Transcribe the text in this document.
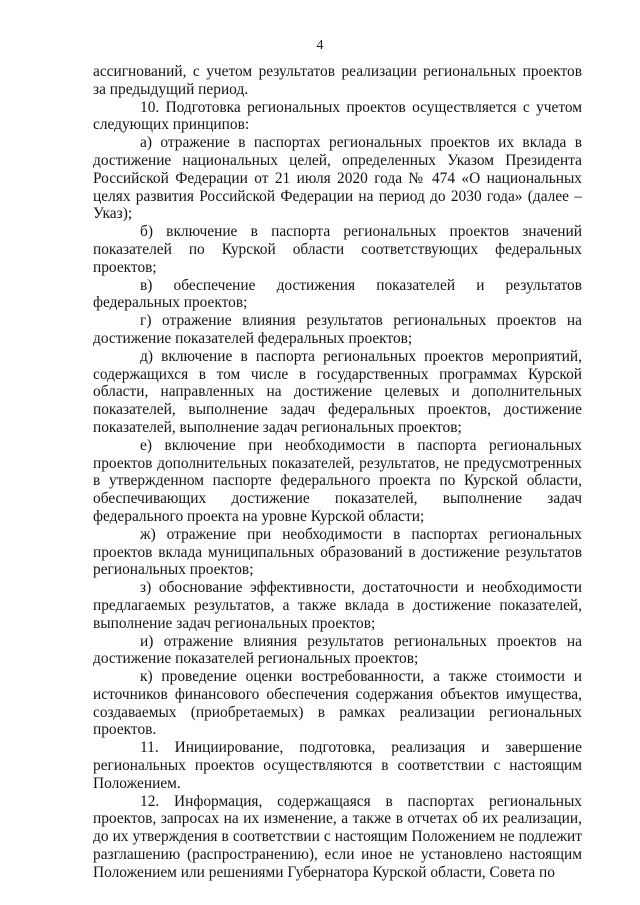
4

ассигнований, с учетом результатов реализации региональных проектов за предыдущий период.

10. Подготовка региональных проектов осуществляется с учетом следующих принципов:

а) отражение в паспортах региональных проектов их вклада в достижение национальных целей, определенных Указом Президента Российской Федерации от 21 июля 2020 года № 474 «О национальных целях развития Российской Федерации на период до 2030 года» (далее – Указ);

б) включение в паспорта региональных проектов значений показателей по Курской области соответствующих федеральных проектов;

в) обеспечение достижения показателей и результатов федеральных проектов;

г) отражение влияния результатов региональных проектов на достижение показателей федеральных проектов;

д) включение в паспорта региональных проектов мероприятий, содержащихся в том числе в государственных программах Курской области, направленных на достижение целевых и дополнительных показателей, выполнение задач федеральных проектов, достижение показателей, выполнение задач региональных проектов;

е) включение при необходимости в паспорта региональных проектов дополнительных показателей, результатов, не предусмотренных в утвержденном паспорте федерального проекта по Курской области, обеспечивающих достижение показателей, выполнение задач федерального проекта на уровне Курской области;

ж) отражение при необходимости в паспортах региональных проектов вклада муниципальных образований в достижение результатов региональных проектов;

з) обоснование эффективности, достаточности и необходимости предлагаемых результатов, а также вклада в достижение показателей, выполнение задач региональных проектов;

и) отражение влияния результатов региональных проектов на достижение показателей региональных проектов;

к) проведение оценки востребованности, а также стоимости и источников финансового обеспечения содержания объектов имущества, создаваемых (приобретаемых) в рамках реализации региональных проектов.

11. Инициирование, подготовка, реализация и завершение региональных проектов осуществляются в соответствии с настоящим Положением.

12. Информация, содержащаяся в паспортах региональных проектов, запросах на их изменение, а также в отчетах об их реализации, до их утверждения в соответствии с настоящим Положением не подлежит разглашению (распространению), если иное не установлено настоящим Положением или решениями Губернатора Курской области, Совета по
